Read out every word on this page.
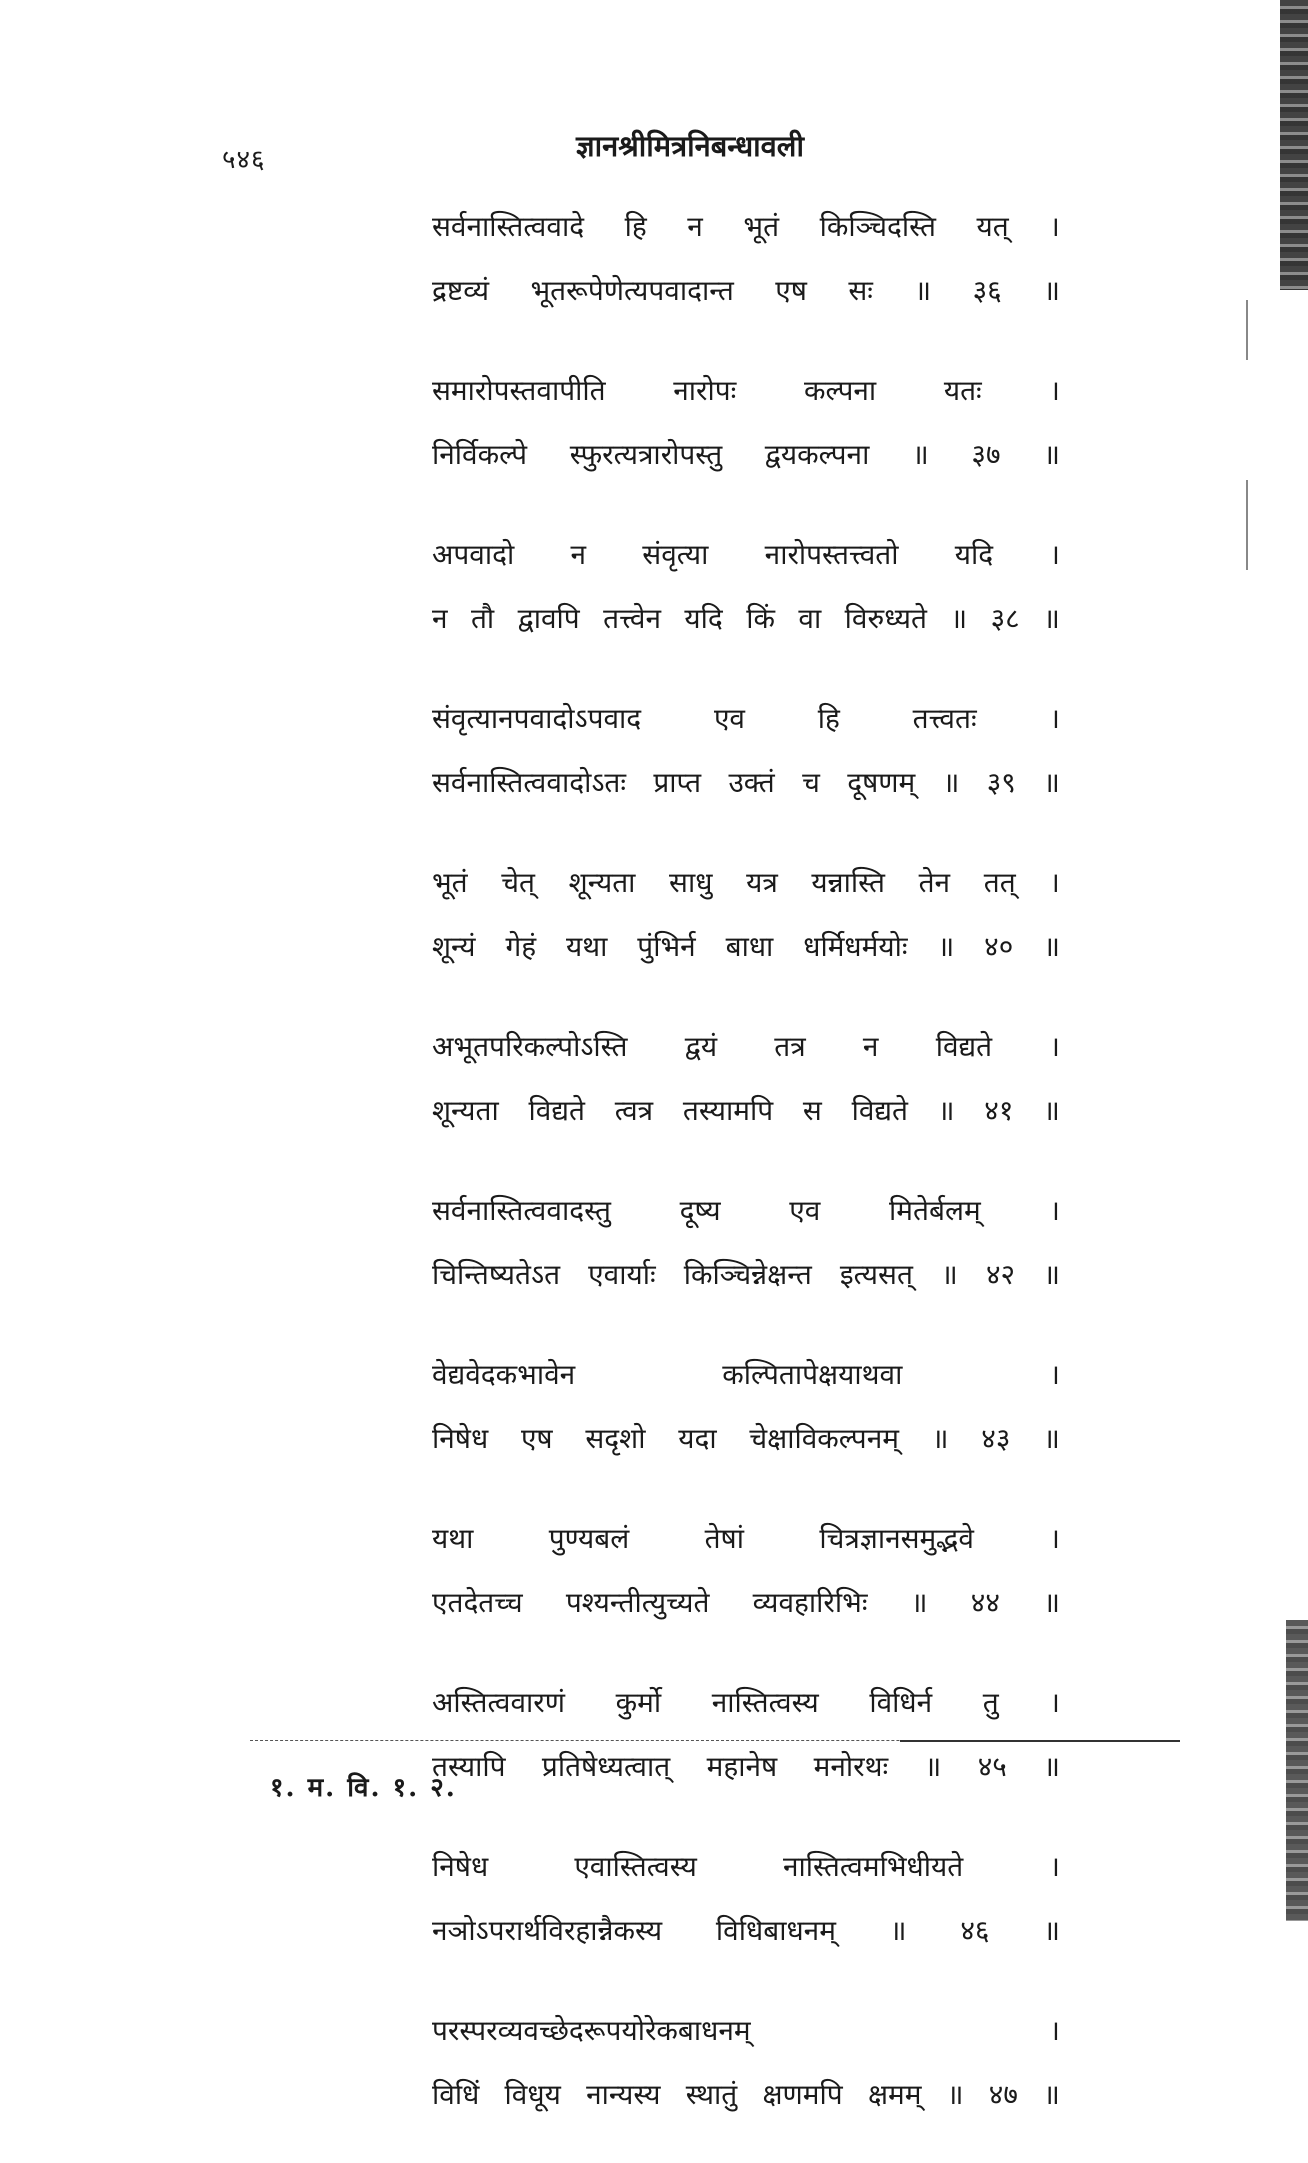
५४६	ज्ञानश्रीमित्रनिबन्धावली
सर्वनास्तित्ववादे हि न भूतं किञ्चिदस्ति यत् ।
द्रष्टव्यं भूतरूपेणेत्यपवादान्त एष सः ॥ ३६ ॥
समारोपस्तवापीति नारोपः कल्पना यतः ।
निर्विकल्पे स्फुरत्यत्रारोपस्तु द्वयकल्पना ॥ ३७ ॥
अपवादो न संवृत्या नारोपस्तत्त्वतो यदि ।
न तौ द्वावपि तत्त्वेन यदि किं वा विरुध्यते ॥ ३८ ॥
संवृत्यानपवादोऽपवाद	एव	हि	तत्त्वतः	।
सर्वनास्तित्ववादोऽतः प्राप्त उक्तं च दूषणम् ॥ ३९ ॥
भूतं चेत् शून्यता साधु यत्र यन्नास्ति तेन तत् ।
शून्यं गेहं यथा पुंभिर्न बाधा धर्मिधर्मयोः ॥ ४० ॥
अभूतपरिकल्पोऽस्ति द्वयं तत्र न विद्यते ।
शून्यता विद्यते त्वत्र तस्यामपि स विद्यते ॥ ४१ ॥
सर्वनास्तित्ववादस्तु दूष्य एव मितेर्बलम् ।
चिन्तिष्यतेऽत एवार्याः किञ्चिन्नेक्षन्त इत्यसत् ॥ ४२ ॥
वेद्यवेदकभावेन	कल्पितापेक्षयाथवा	।
निषेध एष सदृशो यदा चेक्षाविकल्पनम् ॥ ४३ ॥
यथा	पुण्यबलं	तेषां	चित्रज्ञानसमुद्भवे	।
एतदेतच्च पश्यन्तीत्युच्यते व्यवहारिभिः ॥ ४४ ॥
अस्तित्ववारणं कुर्मो नास्तित्वस्य विधिर्न तु ।
तस्यापि प्रतिषेध्यत्वात् महानेष मनोरथः ॥ ४५ ॥
निषेध	एवास्तित्वस्य	नास्तित्वमभिधीयते	।
नञोऽपरार्थविरहान्नैकस्य विधिबाधनम् ॥ ४६ ॥
परस्परव्यवच्छेदरूपयोरेकबाधनम्	।
विधिं विधूय नान्यस्य स्थातुं क्षणमपि क्षमम् ॥ ४७ ॥
१. म. वि. १. २.
